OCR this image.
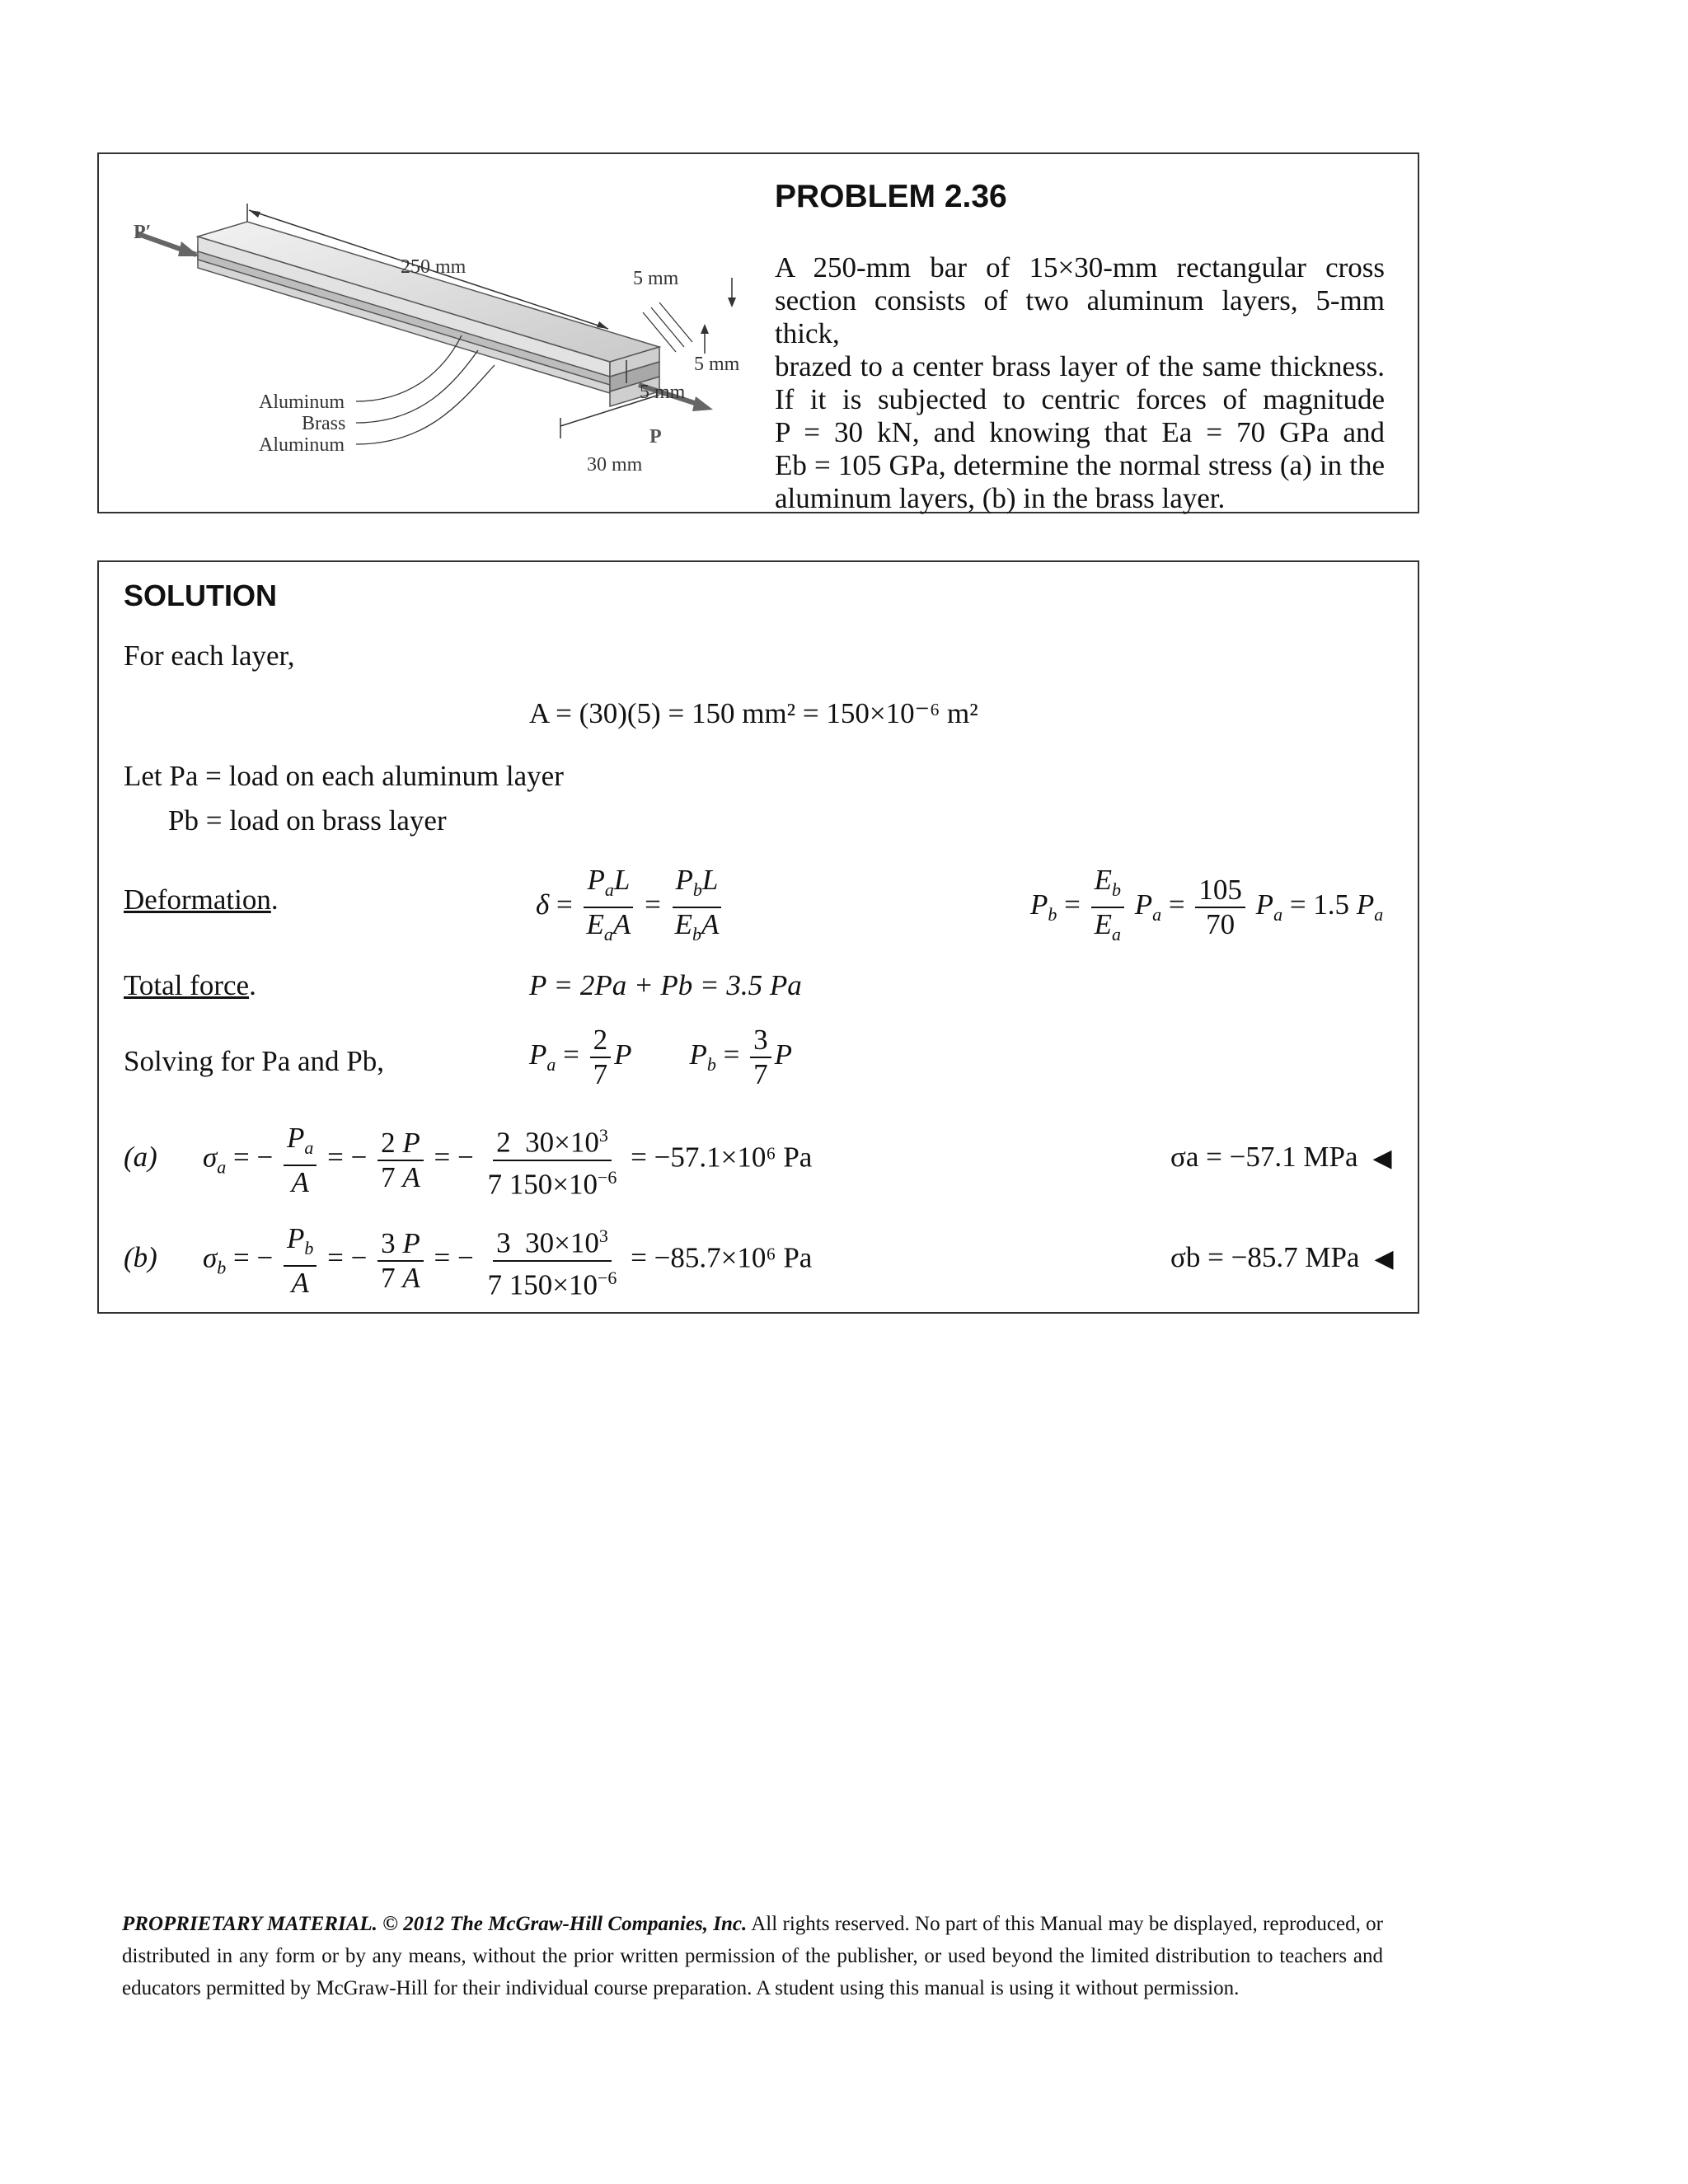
P′
250 mm
5 mm
5 mm
5 mm
P
30 mm
Aluminum
Brass
Aluminum
PROBLEM 2.36
A 250-mm bar of 15×30-mm rectangular cross
section consists of two aluminum layers, 5-mm thick,
brazed to a center brass layer of the same thickness.
If it is subjected to centric forces of magnitude
P = 30 kN, and knowing that Ea = 70 GPa and
Eb = 105 GPa, determine the normal stress (a) in the
aluminum layers, (b) in the brass layer.
SOLUTION
For each layer,
A = (30)(5) = 150 mm² = 150×10⁻⁶ m²
Let Pa = load on each aluminum layer
Pb = load on brass layer
Deformation.	$\delta = \frac{P_aL}{E_aA} = \frac{P_bL}{E_bA}$	$P_b = \frac{E_b}{E_a} P_a = \frac{105}{70} P_a = 1.5$ $P_a$
Total force.	P = 2Pa + Pb = 3.5 Pa
Solving for Pa and Pb,	$P_a = \frac{2}{7}$ P $P_b = \frac{3}{7}$ P
(a) $\sigma_a$ = − $\frac{P_a}{A}$ = − $\frac{2 P}{7 A}$ = − $\frac{2 30\times 10^3}{7 150\times 10^{-6}} = -57.1\times 10^6$ Pa	σa = −57.1 MPa ◀
(b) $\sigma_b$ = − $\frac{P_b}{A}$ = − $\frac{3 P}{7 A}$ = − $\frac{3 30\times 10^3}{7 150\times 10^{-6}} = -85.7\times 10^6$ Pa	σb = −85.7 MPa ◀
PROPRIETARY MATERIAL. © 2012 The McGraw-Hill Companies, Inc. All rights reserved. No part of this Manual may be displayed, reproduced, or distributed in any form or by any means, without the prior written permission of the publisher, or used beyond the limited distribution to teachers and educators permitted by McGraw-Hill for their individual course preparation. A student using this manual is using it without permission.
